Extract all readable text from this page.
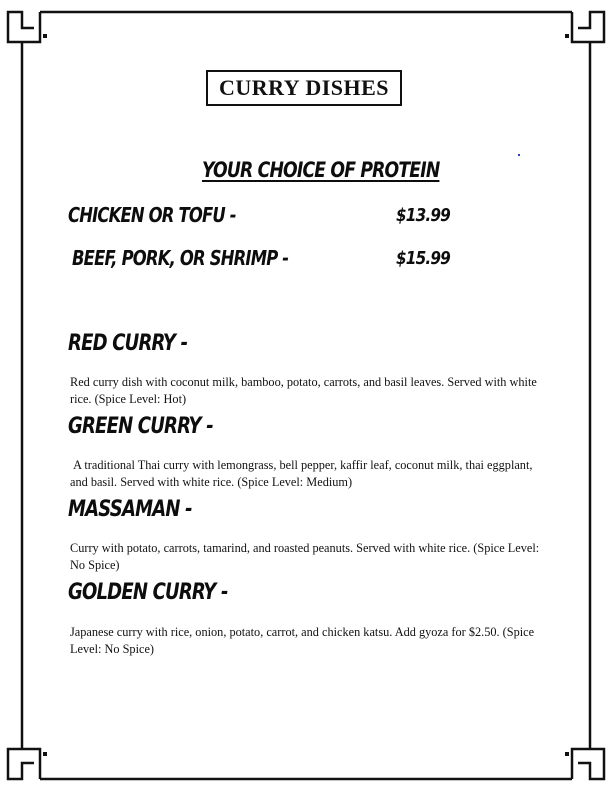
CURRY DISHES
YOUR CHOICE OF PROTEIN
CHICKEN OR TOFU -	$13.99
BEEF, PORK, OR SHRIMP -	$15.99
RED CURRY -
Red curry dish with coconut milk, bamboo, potato, carrots, and basil leaves. Served with white rice. (Spice Level: Hot)
GREEN CURRY -
A traditional Thai curry with lemongrass, bell pepper, kaffir leaf, coconut milk, thai eggplant, and basil. Served with white rice. (Spice Level: Medium)
MASSAMAN -
Curry with potato, carrots, tamarind, and roasted peanuts. Served with white rice. (Spice Level: No Spice)
GOLDEN CURRY -
Japanese curry with rice, onion, potato, carrot, and chicken katsu. Add gyoza for $2.50. (Spice Level: No Spice)
